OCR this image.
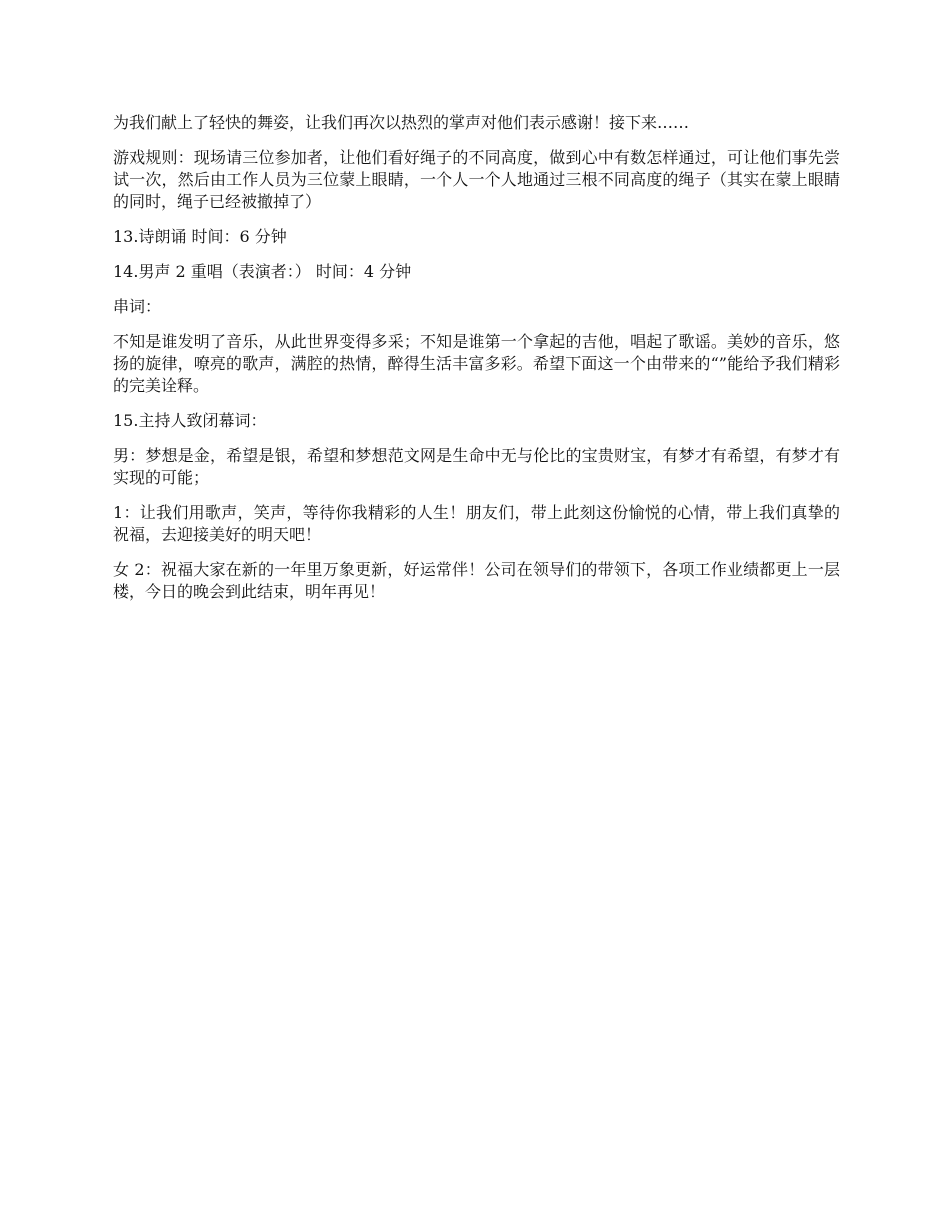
为我们献上了轻快的舞姿，让我们再次以热烈的掌声对他们表示感谢！接下来……

游戏规则：现场请三位参加者，让他们看好绳子的不同高度，做到心中有数怎样通过，可让他们事先尝试一次，然后由工作人员为三位蒙上眼睛，一个人一个人地通过三根不同高度的绳子（其实在蒙上眼睛的同时，绳子已经被撤掉了）

13.诗朗诵 时间：6 分钟

14.男声 2 重唱（表演者：） 时间：4 分钟

串词：

不知是谁发明了音乐，从此世界变得多采；不知是谁第一个拿起的吉他，唱起了歌谣。美妙的音乐，悠扬的旋律，嘹亮的歌声，满腔的热情，醉得生活丰富多彩。希望下面这一个由带来的“”能给予我们精彩的完美诠释。

15.主持人致闭幕词：

男：梦想是金，希望是银，希望和梦想范文网是生命中无与伦比的宝贵财宝，有梦才有希望，有梦才有实现的可能；

1：让我们用歌声，笑声，等待你我精彩的人生！朋友们，带上此刻这份愉悦的心情，带上我们真挚的祝福，去迎接美好的明天吧！

女 2：祝福大家在新的一年里万象更新，好运常伴！公司在领导们的带领下，各项工作业绩都更上一层楼，今日的晚会到此结束，明年再见！
